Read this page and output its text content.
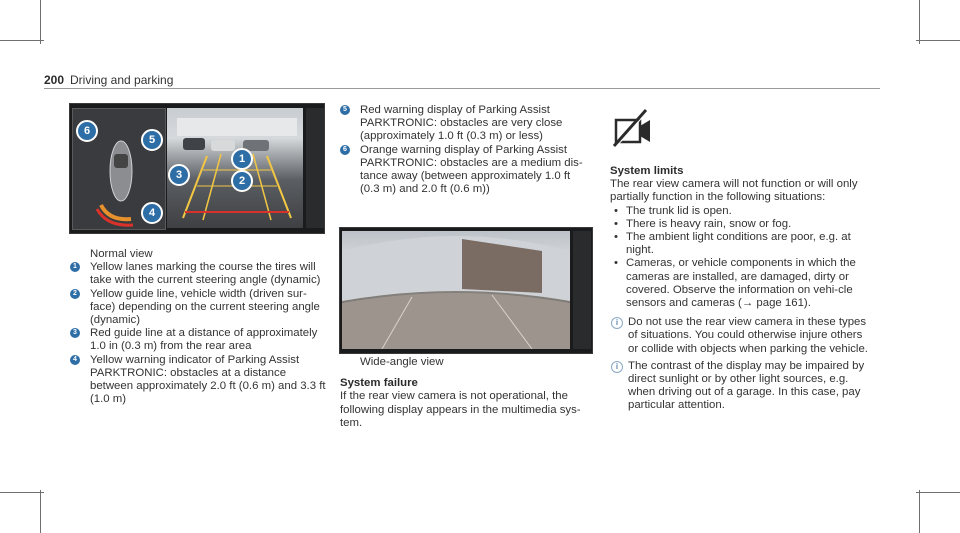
200 Driving and parking
6
5
3
1
2
4
Normal view
1 Yellow lanes marking the course the tires will take with the current steering angle (dynamic)
2 Yellow guide line, vehicle width (driven sur-face) depending on the current steering angle (dynamic)
3 Red guide line at a distance of approximately 1.0 in (0.3 m) from the rear area
4 Yellow warning indicator of Parking Assist PARKTRONIC: obstacles at a distance between approximately 2.0 ft (0.6 m) and 3.3 ft (1.0 m)
5 Red warning display of Parking Assist PARKTRONIC: obstacles are very close (approximately 1.0 ft (0.3 m) or less)
6 Orange warning display of Parking Assist PARKTRONIC: obstacles are a medium dis-tance away (between approximately 1.0 ft (0.3 m) and 2.0 ft (0.6 m))
Wide-angle view
System failure
If the rear view camera is not operational, the following display appears in the multimedia sys-tem.
System limits
The rear view camera will not function or will only partially function in the following situations:
• The trunk lid is open.
• There is heavy rain, snow or fog.
• The ambient light conditions are poor, e.g. at night.
• Cameras, or vehicle components in which the cameras are installed, are damaged, dirty or covered. Observe the information on vehi-cle sensors and cameras (→ page 161).
i Do not use the rear view camera in these types of situations. You could otherwise injure others or collide with objects when parking the vehicle.
i The contrast of the display may be impaired by direct sunlight or by other light sources, e.g. when driving out of a garage. In this case, pay particular attention.
